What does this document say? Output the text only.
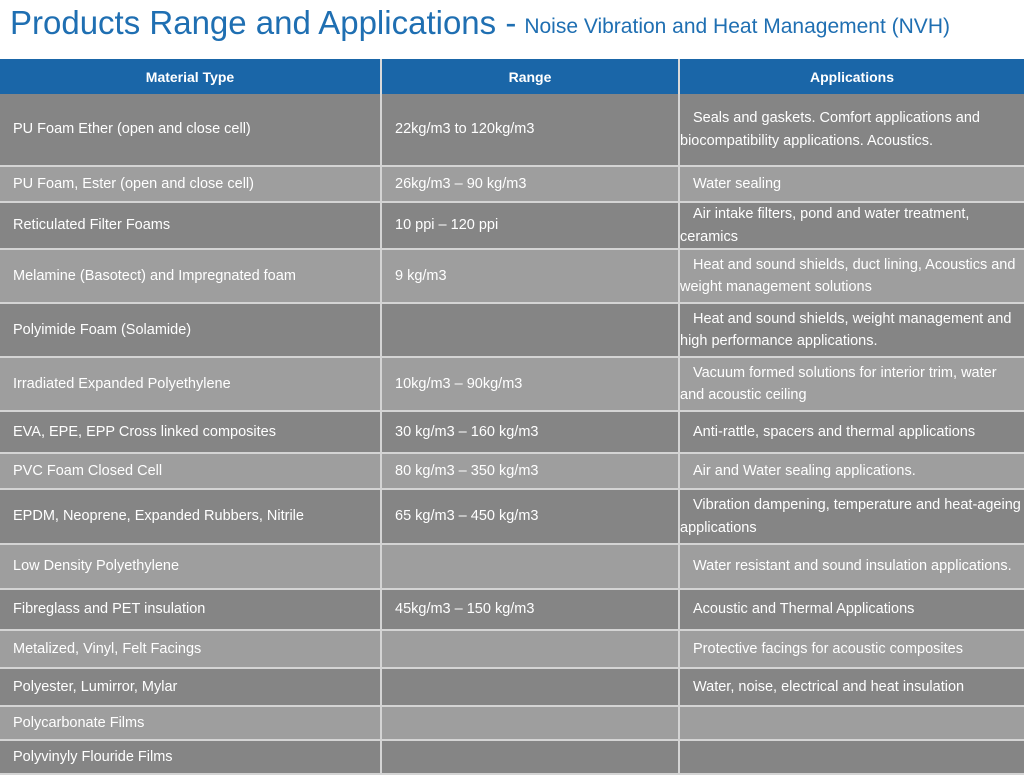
Products Range and Applications - Noise Vibration and Heat Management (NVH)
Material Type	Range	Applications
PU Foam Ether (open and close cell)	22kg/m3 to 120kg/m3	Seals and gaskets. Comfort applications and biocompatibility applications. Acoustics.

PU Foam, Ester (open and close cell)	26kg/m3 – 90 kg/m3	Water sealing

Reticulated Filter Foams	10 ppi – 120 ppi	Air intake filters, pond and water treatment, ceramics

Melamine (Basotect) and Impregnated foam	9 kg/m3	Heat and sound shields, duct lining, Acoustics and weight management solutions

Polyimide Foam (Solamide)		Heat and sound shields, weight management and high performance applications.

Irradiated Expanded Polyethylene	10kg/m3 – 90kg/m3	Vacuum formed solutions for interior trim, water and acoustic ceiling

EVA, EPE, EPP Cross linked composites	30 kg/m3 – 160 kg/m3	Anti-rattle, spacers and thermal applications

PVC Foam Closed Cell	80 kg/m3 – 350 kg/m3	Air and Water sealing applications.

EPDM, Neoprene, Expanded Rubbers, Nitrile	65 kg/m3 – 450 kg/m3	Vibration dampening, temperature and heat-ageing applications

Low Density Polyethylene		Water resistant and sound insulation applications.

Fibreglass and PET insulation	45kg/m3 – 150 kg/m3	Acoustic and Thermal Applications

Metalized, Vinyl, Felt Facings		Protective facings for acoustic composites

Polyester, Lumirror, Mylar		Water, noise, electrical and heat insulation

Polycarbonate Films		

Polyvinyly Flouride Films		
